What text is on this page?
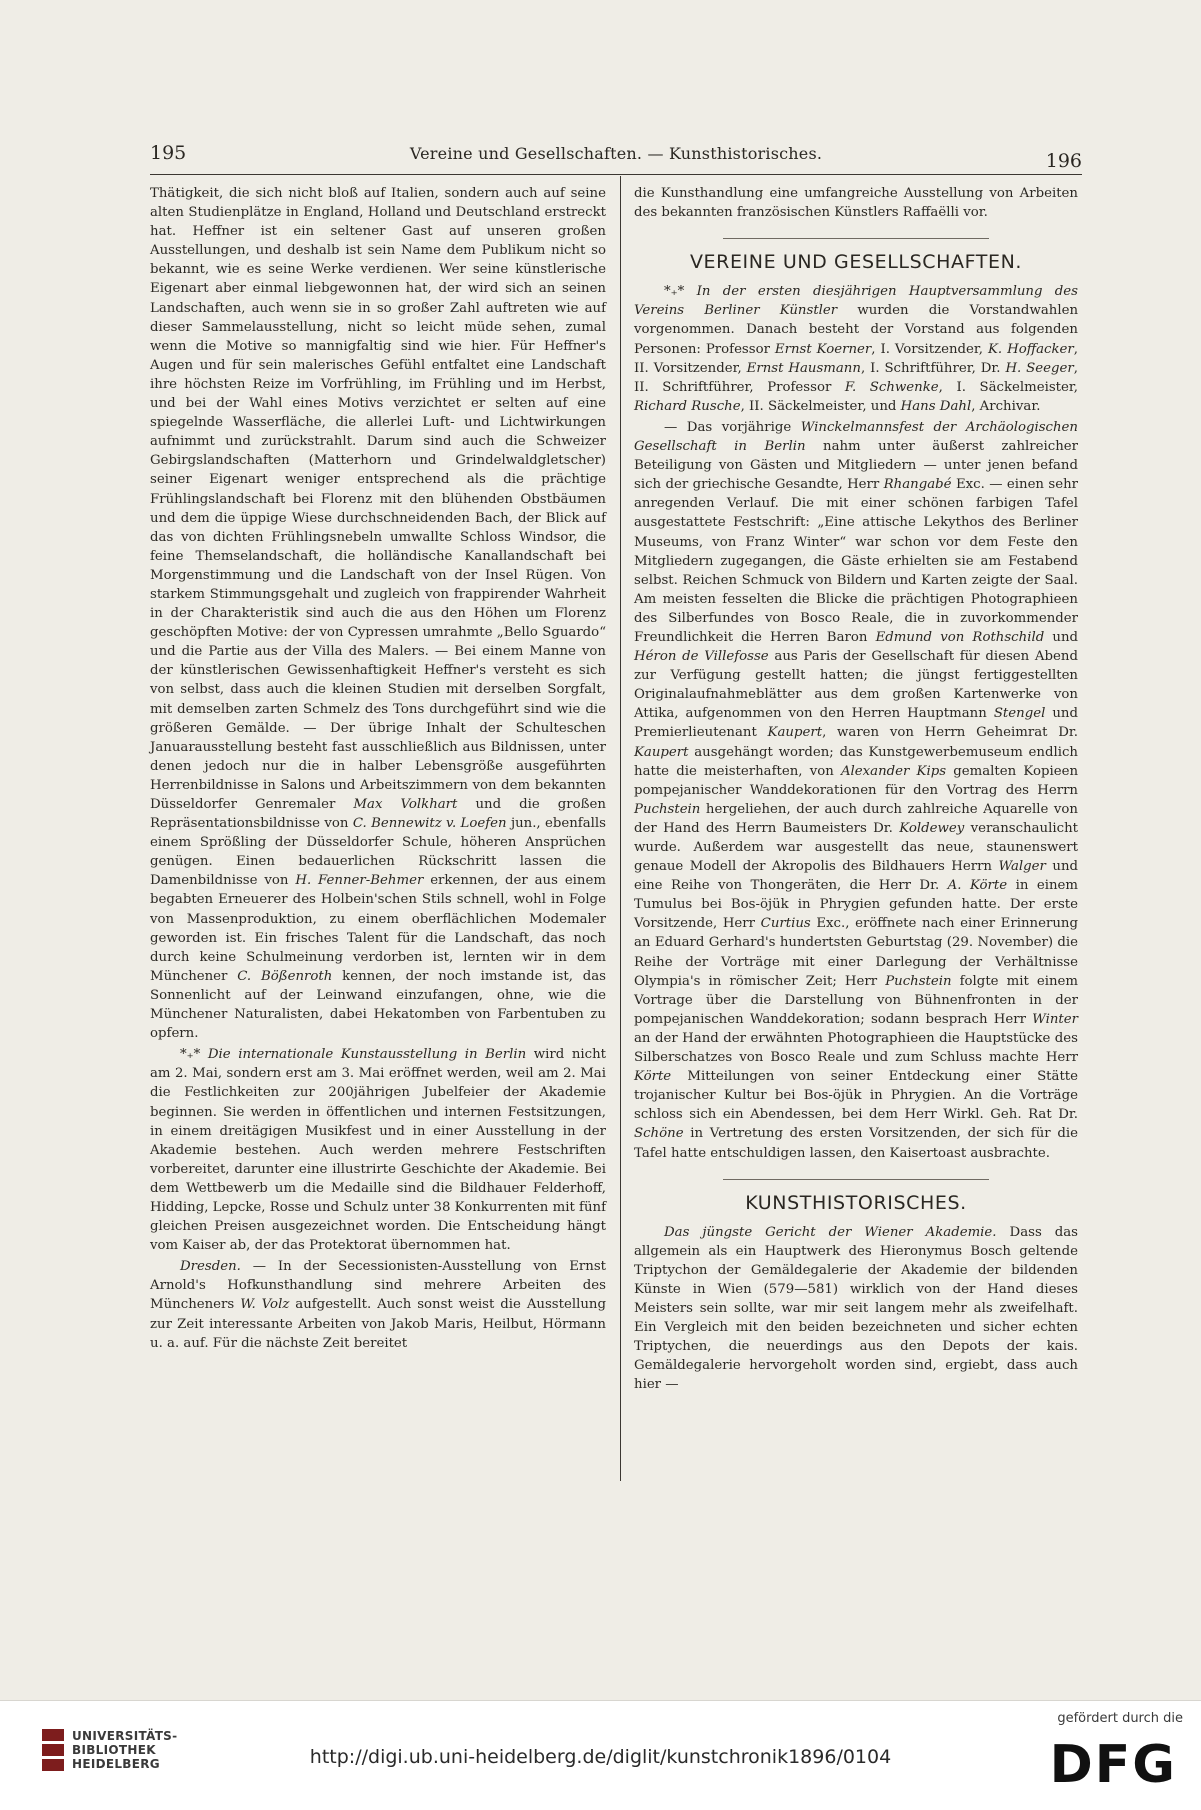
195	Vereine und Gesellschaften. — Kunsthistorisches.	196

Thätigkeit, die sich nicht bloß auf Italien, sondern auch auf seine alten Studienplätze in England, Holland und Deutschland erstreckt hat. Heffner ist ein seltener Gast auf unseren großen Ausstellungen, und deshalb ist sein Name dem Publikum nicht so bekannt, wie es seine Werke verdienen. Wer seine künstlerische Eigenart aber einmal liebgewonnen hat, der wird sich an seinen Landschaften, auch wenn sie in so großer Zahl auftreten wie auf dieser Sammelausstellung, nicht so leicht müde sehen, zumal wenn die Motive so mannigfaltig sind wie hier. Für Heffner's Augen und für sein malerisches Gefühl entfaltet eine Landschaft ihre höchsten Reize im Vorfrühling, im Frühling und im Herbst, und bei der Wahl eines Motivs verzichtet er selten auf eine spiegelnde Wasserfläche, die allerlei Luft- und Lichtwirkungen aufnimmt und zurückstrahlt. Darum sind auch die Schweizer Gebirgslandschaften (Matterhorn und Grindelwaldgletscher) seiner Eigenart weniger entsprechend als die prächtige Frühlingslandschaft bei Florenz mit den blühenden Obstbäumen und dem die üppige Wiese durchschneidenden Bach, der Blick auf das von dichten Frühlingsnebeln umwallte Schloss Windsor, die feine Themselandschaft, die holländische Kanallandschaft bei Morgenstimmung und die Landschaft von der Insel Rügen. Von starkem Stimmungsgehalt und zugleich von frappirender Wahrheit in der Charakteristik sind auch die aus den Höhen um Florenz geschöpften Motive: der von Cypressen umrahmte „Bello Sguardo“ und die Partie aus der Villa des Malers. — Bei einem Manne von der künstlerischen Gewissenhaftigkeit Heffner's versteht es sich von selbst, dass auch die kleinen Studien mit derselben Sorgfalt, mit demselben zarten Schmelz des Tons durchgeführt sind wie die größeren Gemälde. — Der übrige Inhalt der Schulteschen Januarausstellung besteht fast ausschließlich aus Bildnissen, unter denen jedoch nur die in halber Lebensgröße ausgeführten Herrenbildnisse in Salons und Arbeitszimmern von dem bekannten Düsseldorfer Genremaler Max Volkhart und die großen Repräsentationsbildnisse von C. Bennewitz v. Loefen jun., ebenfalls einem Sprößling der Düsseldorfer Schule, höheren Ansprüchen genügen. Einen bedauerlichen Rückschritt lassen die Damenbildnisse von H. Fenner-Behmer erkennen, der aus einem begabten Erneuerer des Holbein'schen Stils schnell, wohl in Folge von Massenproduktion, zu einem oberflächlichen Modemaler geworden ist. Ein frisches Talent für die Landschaft, das noch durch keine Schulmeinung verdorben ist, lernten wir in dem Münchener C. Bößenroth kennen, der noch imstande ist, das Sonnenlicht auf der Leinwand einzufangen, ohne, wie die Münchener Naturalisten, dabei Hekatomben von Farbentuben zu opfern.

*₊* Die internationale Kunstausstellung in Berlin wird nicht am 2. Mai, sondern erst am 3. Mai eröffnet werden, weil am 2. Mai die Festlichkeiten zur 200jährigen Jubelfeier der Akademie beginnen. Sie werden in öffentlichen und internen Festsitzungen, in einem dreitägigen Musikfest und in einer Ausstellung in der Akademie bestehen. Auch werden mehrere Festschriften vorbereitet, darunter eine illustrirte Geschichte der Akademie. Bei dem Wettbewerb um die Medaille sind die Bildhauer Felderhoff, Hidding, Lepcke, Rosse und Schulz unter 38 Konkurrenten mit fünf gleichen Preisen ausgezeichnet worden. Die Entscheidung hängt vom Kaiser ab, der das Protektorat übernommen hat.

Dresden. — In der Secessionisten-Ausstellung von Ernst Arnold's Hofkunsthandlung sind mehrere Arbeiten des Müncheners W. Volz aufgestellt. Auch sonst weist die Ausstellung zur Zeit interessante Arbeiten von Jakob Maris, Heilbut, Hörmann u. a. auf. Für die nächste Zeit bereitet

die Kunsthandlung eine umfangreiche Ausstellung von Arbeiten des bekannten französischen Künstlers Raffaëlli vor.

VEREINE UND GESELLSCHAFTEN.

*₊* In der ersten diesjährigen Hauptversammlung des Vereins Berliner Künstler wurden die Vorstandwahlen vorgenommen. Danach besteht der Vorstand aus folgenden Personen: Professor Ernst Koerner, I. Vorsitzender, K. Hoffacker, II. Vorsitzender, Ernst Hausmann, I. Schriftführer, Dr. H. Seeger, II. Schriftführer, Professor F. Schwenke, I. Säckelmeister, Richard Rusche, II. Säckelmeister, und Hans Dahl, Archivar.

— Das vorjährige Winckelmannsfest der Archäologischen Gesellschaft in Berlin nahm unter äußerst zahlreicher Beteiligung von Gästen und Mitgliedern — unter jenen befand sich der griechische Gesandte, Herr Rhangabé Exc. — einen sehr anregenden Verlauf. Die mit einer schönen farbigen Tafel ausgestattete Festschrift: „Eine attische Lekythos des Berliner Museums, von Franz Winter“ war schon vor dem Feste den Mitgliedern zugegangen, die Gäste erhielten sie am Festabend selbst. Reichen Schmuck von Bildern und Karten zeigte der Saal. Am meisten fesselten die Blicke die prächtigen Photographieen des Silberfundes von Bosco Reale, die in zuvorkommender Freundlichkeit die Herren Baron Edmund von Rothschild und Héron de Villefosse aus Paris der Gesellschaft für diesen Abend zur Verfügung gestellt hatten; die jüngst fertiggestellten Originalaufnahmeblätter aus dem großen Kartenwerke von Attika, aufgenommen von den Herren Hauptmann Stengel und Premierlieutenant Kaupert, waren von Herrn Geheimrat Dr. Kaupert ausgehängt worden; das Kunstgewerbemuseum endlich hatte die meisterhaften, von Alexander Kips gemalten Kopieen pompejanischer Wanddekorationen für den Vortrag des Herrn Puchstein hergeliehen, der auch durch zahlreiche Aquarelle von der Hand des Herrn Baumeisters Dr. Koldewey veranschaulicht wurde. Außerdem war ausgestellt das neue, staunenswert genaue Modell der Akropolis des Bildhauers Herrn Walger und eine Reihe von Thongeräten, die Herr Dr. A. Körte in einem Tumulus bei Bos-öjük in Phrygien gefunden hatte. Der erste Vorsitzende, Herr Curtius Exc., eröffnete nach einer Erinnerung an Eduard Gerhard's hundertsten Geburtstag (29. November) die Reihe der Vorträge mit einer Darlegung der Verhältnisse Olympia's in römischer Zeit; Herr Puchstein folgte mit einem Vortrage über die Darstellung von Bühnenfronten in der pompejanischen Wanddekoration; sodann besprach Herr Winter an der Hand der erwähnten Photographieen die Hauptstücke des Silberschatzes von Bosco Reale und zum Schluss machte Herr Körte Mitteilungen von seiner Entdeckung einer Stätte trojanischer Kultur bei Bos-öjük in Phrygien. An die Vorträge schloss sich ein Abendessen, bei dem Herr Wirkl. Geh. Rat Dr. Schöne in Vertretung des ersten Vorsitzenden, der sich für die Tafel hatte entschuldigen lassen, den Kaisertoast ausbrachte.

KUNSTHISTORISCHES.

Das jüngste Gericht der Wiener Akademie. Dass das allgemein als ein Hauptwerk des Hieronymus Bosch geltende Triptychon der Gemäldegalerie der Akademie der bildenden Künste in Wien (579—581) wirklich von der Hand dieses Meisters sein sollte, war mir seit langem mehr als zweifelhaft. Ein Vergleich mit den beiden bezeichneten und sicher echten Triptychen, die neuerdings aus den Depots der kais. Gemäldegalerie hervorgeholt worden sind, ergiebt, dass auch hier —

UNIVERSITÄTS-
BIBLIOTHEK
HEIDELBERG	http://digi.ub.uni-heidelberg.de/diglit/kunstchronik1896/0104
gefördert durch die
DFG
